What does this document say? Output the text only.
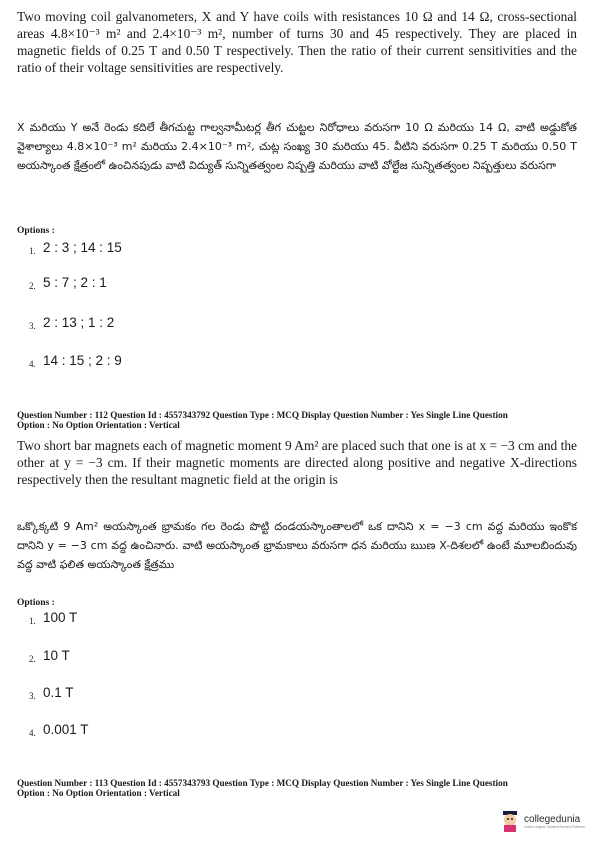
Two moving coil galvanometers, X and Y have coils with resistances 10 Ω and 14 Ω, cross-sectional areas 4.8×10⁻³ m² and 2.4×10⁻³ m², number of turns 30 and 45 respectively. They are placed in magnetic fields of 0.25 T and 0.50 T respectively. Then the ratio of their current sensitivities and the ratio of their voltage sensitivities are respectively.

X మరియు Y అనే రెండు కదిలే తీగచుట్ట గాల్వనామీటర్ల తీగ చుట్టల నిరోధాలు వరుసగా 10 Ω మరియు 14 Ω, వాటి అడ్డుకోత వైశాల్యాలు 4.8×10⁻³ m² మరియు 2.4×10⁻³ m², చుట్ల సంఖ్య 30 మరియు 45. వీటిని వరుసగా 0.25 T మరియు 0.50 T అయస్కాంత క్షేత్రంలో ఉంచినపుడు వాటి విద్యుత్ సున్నితత్వంల నిష్పత్తి మరియు వాటి వోల్టేజ సున్నితత్వంల నిష్పత్తులు వరుసగా

Options :

1. 2 : 3 ; 14 : 15
2. 5 : 7 ; 2 : 1
3. 2 : 13 ; 1 : 2
4. 14 : 15 ; 2 : 9

Question Number : 112 Question Id : 4557343792 Question Type : MCQ Display Question Number : Yes Single Line Question
Option : No Option Orientation : Vertical

Two short bar magnets each of magnetic moment 9 Am² are placed such that one is at x = −3 cm and the other at y = −3 cm. If their magnetic moments are directed along positive and negative X-directions respectively then the resultant magnetic field at the origin is

ఒక్కొక్కటి 9 Am² అయస్కాంత భ్రామకం గల రెండు పొట్టి దండయస్కాంతాలలో ఒక దానిని x = −3 cm వద్ద మరియు ఇంకొక దానిని y = −3 cm వద్ద ఉంచినారు. వాటి అయస్కాంత భ్రామకాలు వరుసగా ధన మరియు ఋణ X-దిశలలో ఉంటే మూలబిందువు వద్ద వాటి ఫలిత అయస్కాంత క్షేత్రము

Options :

1. 100 T
2. 10 T
3. 0.1 T
4. 0.001 T

Question Number : 113 Question Id : 4557343793 Question Type : MCQ Display Question Number : Yes Single Line Question
Option : No Option Orientation : Vertical

collegedunia
India's largest Student Review Platform
